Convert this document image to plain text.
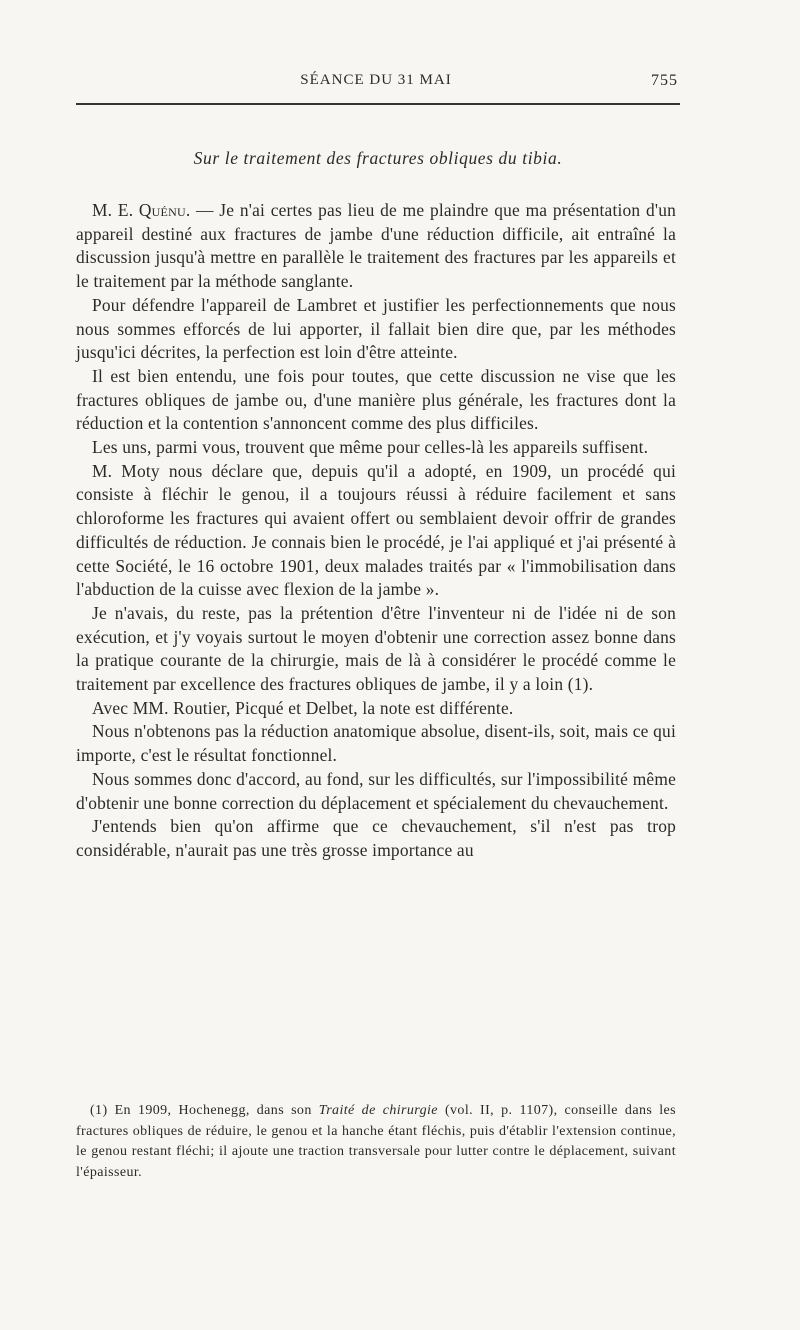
SÉANCE DU 31 MAI	755
Sur le traitement des fractures obliques du tibia.

M. E. Quénu. — Je n'ai certes pas lieu de me plaindre que ma présentation d'un appareil destiné aux fractures de jambe d'une réduction difficile, ait entraîné la discussion jusqu'à mettre en parallèle le traitement des fractures par les appareils et le traitement par la méthode sanglante.

Pour défendre l'appareil de Lambret et justifier les perfectionnements que nous nous sommes efforcés de lui apporter, il fallait bien dire que, par les méthodes jusqu'ici décrites, la perfection est loin d'être atteinte.

Il est bien entendu, une fois pour toutes, que cette discussion ne vise que les fractures obliques de jambe ou, d'une manière plus générale, les fractures dont la réduction et la contention s'annoncent comme des plus difficiles.

Les uns, parmi vous, trouvent que même pour celles-là les appareils suffisent.

M. Moty nous déclare que, depuis qu'il a adopté, en 1909, un procédé qui consiste à fléchir le genou, il a toujours réussi à réduire facilement et sans chloroforme les fractures qui avaient offert ou semblaient devoir offrir de grandes difficultés de réduction. Je connais bien le procédé, je l'ai appliqué et j'ai présenté à cette Société, le 16 octobre 1901, deux malades traités par « l'immobilisation dans l'abduction de la cuisse avec flexion de la jambe ».

Je n'avais, du reste, pas la prétention d'être l'inventeur ni de l'idée ni de son exécution, et j'y voyais surtout le moyen d'obtenir une correction assez bonne dans la pratique courante de la chirurgie, mais de là à considérer le procédé comme le traitement par excellence des fractures obliques de jambe, il y a loin (1).

Avec MM. Routier, Picqué et Delbet, la note est différente.

Nous n'obtenons pas la réduction anatomique absolue, disent-ils, soit, mais ce qui importe, c'est le résultat fonctionnel.

Nous sommes donc d'accord, au fond, sur les difficultés, sur l'impossibilité même d'obtenir une bonne correction du déplacement et spécialement du chevauchement.

J'entends bien qu'on affirme que ce chevauchement, s'il n'est pas trop considérable, n'aurait pas une très grosse importance au

(1) En 1909, Hochenegg, dans son Traité de chirurgie (vol. II, p. 1107), conseille dans les fractures obliques de réduire, le genou et la hanche étant fléchis, puis d'établir l'extension continue, le genou restant fléchi; il ajoute une traction transversale pour lutter contre le déplacement, suivant l'épaisseur.
